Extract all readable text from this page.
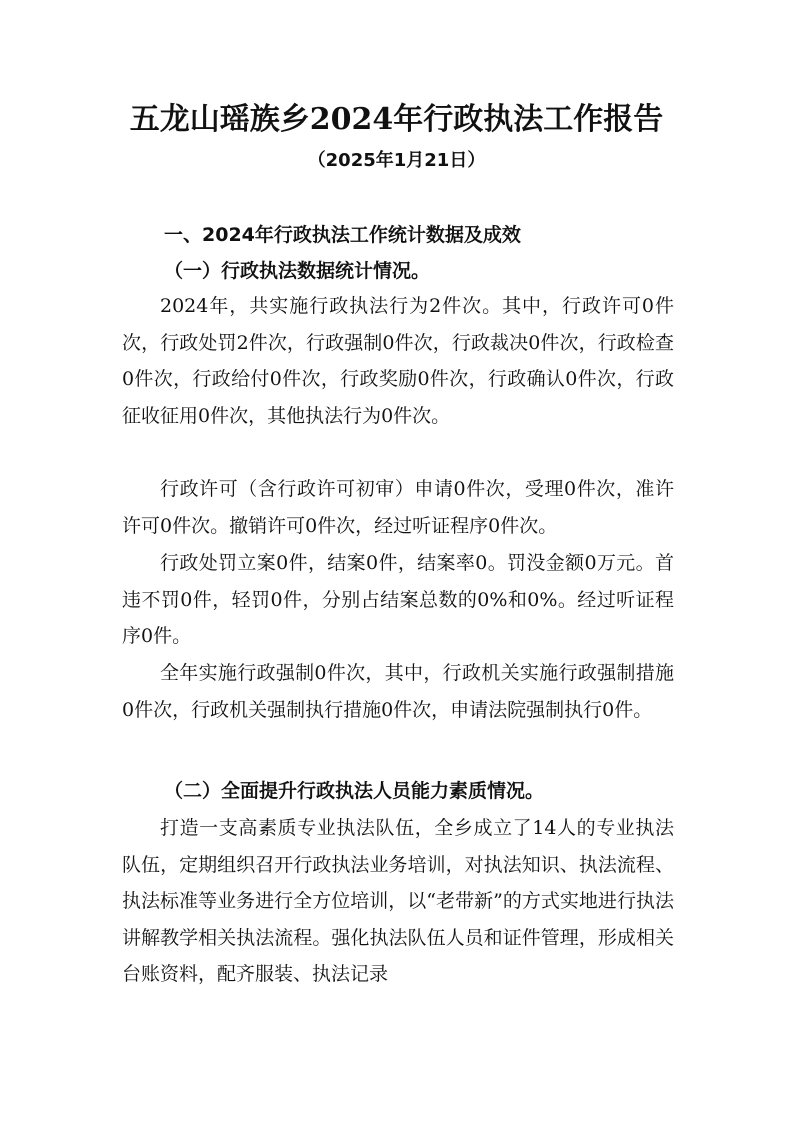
五龙山瑶族乡2024年行政执法工作报告
（2025年1月21日）
一、2024年行政执法工作统计数据及成效
（一）行政执法数据统计情况。

2024年，共实施行政执法行为2件次。其中，行政许可0件次，行政处罚2件次，行政强制0件次，行政裁决0件次，行政检查0件次，行政给付0件次，行政奖励0件次，行政确认0件次，行政征收征用0件次，其他执法行为0件次。

行政许可（含行政许可初审）申请0件次，受理0件次，准许许可0件次。撤销许可0件次，经过听证程序0件次。

行政处罚立案0件，结案0件，结案率0。罚没金额0万元。首违不罚0件，轻罚0件，分别占结案总数的0%和0%。经过听证程序0件。

全年实施行政强制0件次，其中，行政机关实施行政强制措施0件次，行政机关强制执行措施0件次，申请法院强制执行0件。

（二）全面提升行政执法人员能力素质情况。

打造一支高素质专业执法队伍，全乡成立了14人的专业执法队伍，定期组织召开行政执法业务培训，对执法知识、执法流程、执法标准等业务进行全方位培训，以“老带新”的方式实地进行执法讲解教学相关执法流程。强化执法队伍人员和证件管理，形成相关台账资料，配齐服装、执法记录
